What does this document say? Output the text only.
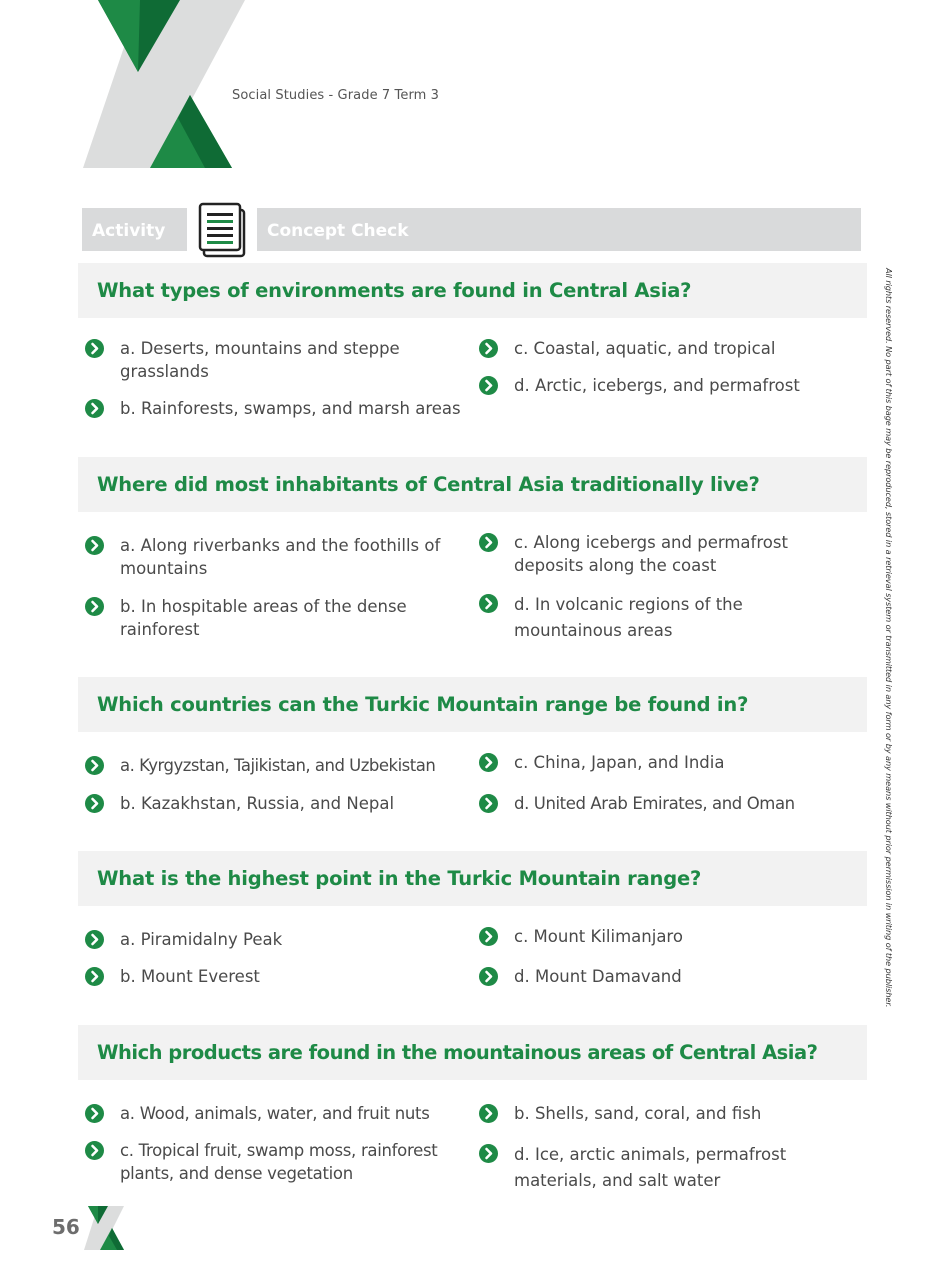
Social Studies - Grade 7 Term 3
Activity	Concept Check
What types of environments are found in Central Asia?
a. Deserts, mountains and steppe grasslands
b. Rainforests, swamps, and marsh areas
c. Coastal, aquatic, and tropical
d. Arctic, icebergs, and permafrost
Where did most inhabitants of Central Asia traditionally live?
a. Along riverbanks and the foothills of mountains
b. In hospitable areas of the dense rainforest
c. Along icebergs and permafrost deposits along the coast
d. In volcanic regions of the mountainous areas
Which countries can the Turkic Mountain range be found in?
a. Kyrgyzstan, Tajikistan, and Uzbekistan
b. Kazakhstan, Russia, and Nepal
c. China, Japan, and India
d. United Arab Emirates, and Oman
What is the highest point in the Turkic Mountain range?
a. Piramidalny Peak
b. Mount Everest
c. Mount Kilimanjaro
d. Mount Damavand
Which products are found in the mountainous areas of Central Asia?
a. Wood, animals, water, and fruit nuts
c. Tropical fruit, swamp moss, rainforest plants, and dense vegetation
b. Shells, sand, coral, and fish
d. Ice, arctic animals, permafrost materials, and salt water
All rights reserved. No part of this bage may be reproduced, stored in a retrieval system or transmitted in any form or by any means without prior permission in writing of the publisher.
56
